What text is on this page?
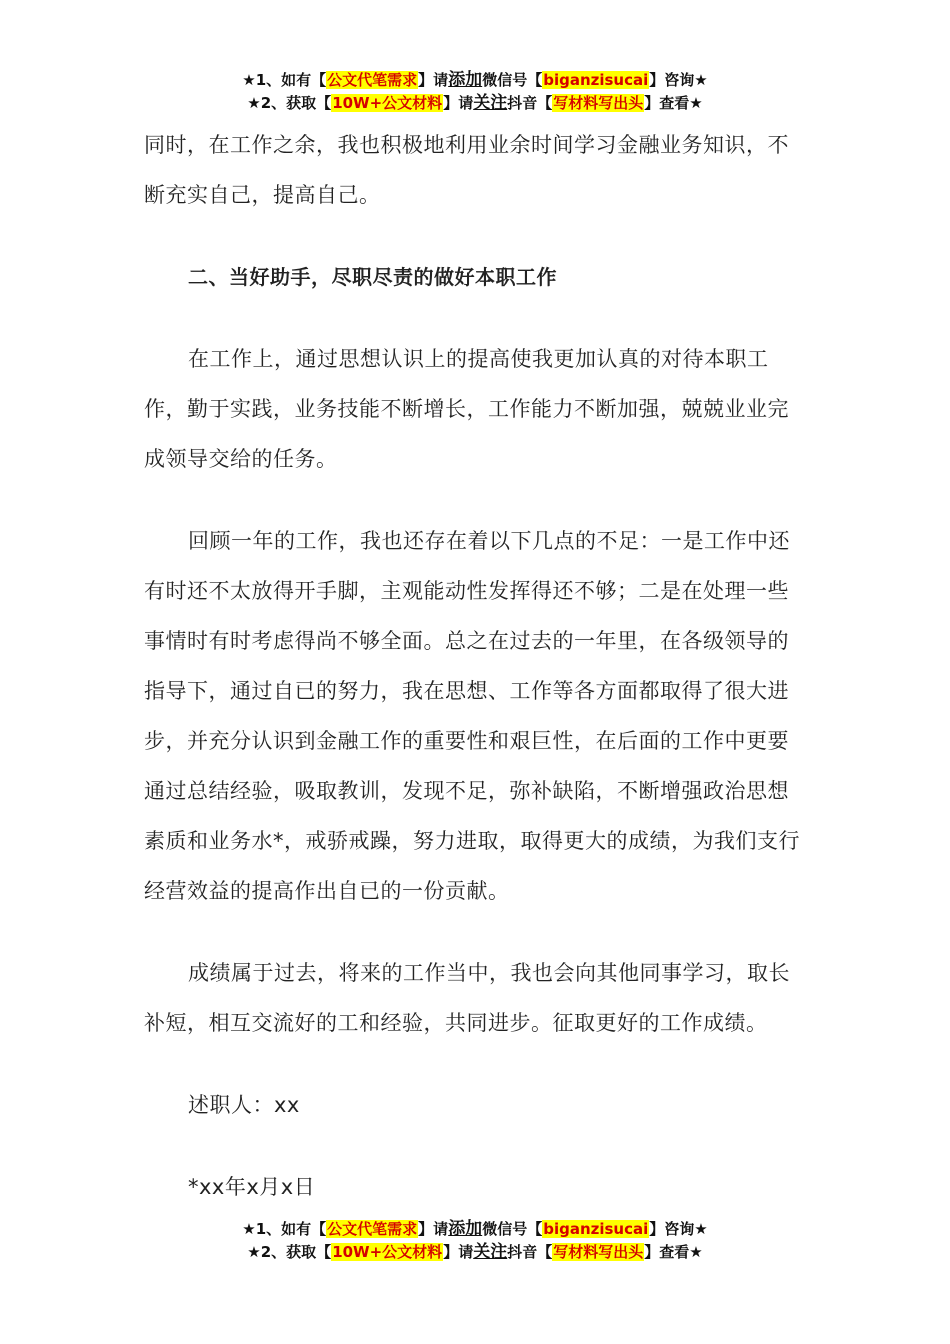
★1、如有【公文代笔需求】请添加微信号【biganzisucai】咨询★
★2、获取【10W+公文材料】请关注抖音【写材料写出头】查看★

同时，在工作之余，我也积极地利用业余时间学习金融业务知识，不断充实自己，提高自己。

二、当好助手，尽职尽责的做好本职工作

在工作上，通过思想认识上的提高使我更加认真的对待本职工作，勤于实践，业务技能不断增长，工作能力不断加强，兢兢业业完成领导交给的任务。

回顾一年的工作，我也还存在着以下几点的不足：一是工作中还有时还不太放得开手脚，主观能动性发挥得还不够；二是在处理一些事情时有时考虑得尚不够全面。总之在过去的一年里，在各级领导的指导下，通过自已的努力，我在思想、工作等各方面都取得了很大进步，并充分认识到金融工作的重要性和艰巨性，在后面的工作中更要通过总结经验，吸取教训，发现不足，弥补缺陷，不断增强政治思想素质和业务水*，戒骄戒躁，努力进取，取得更大的成绩，为我们支行经营效益的提高作出自已的一份贡献。

成绩属于过去，将来的工作当中，我也会向其他同事学习，取长补短，相互交流好的工和经验，共同进步。征取更好的工作成绩。

述职人：xx

*xx年x月x日

★1、如有【公文代笔需求】请添加微信号【biganzisucai】咨询★
★2、获取【10W+公文材料】请关注抖音【写材料写出头】查看★
